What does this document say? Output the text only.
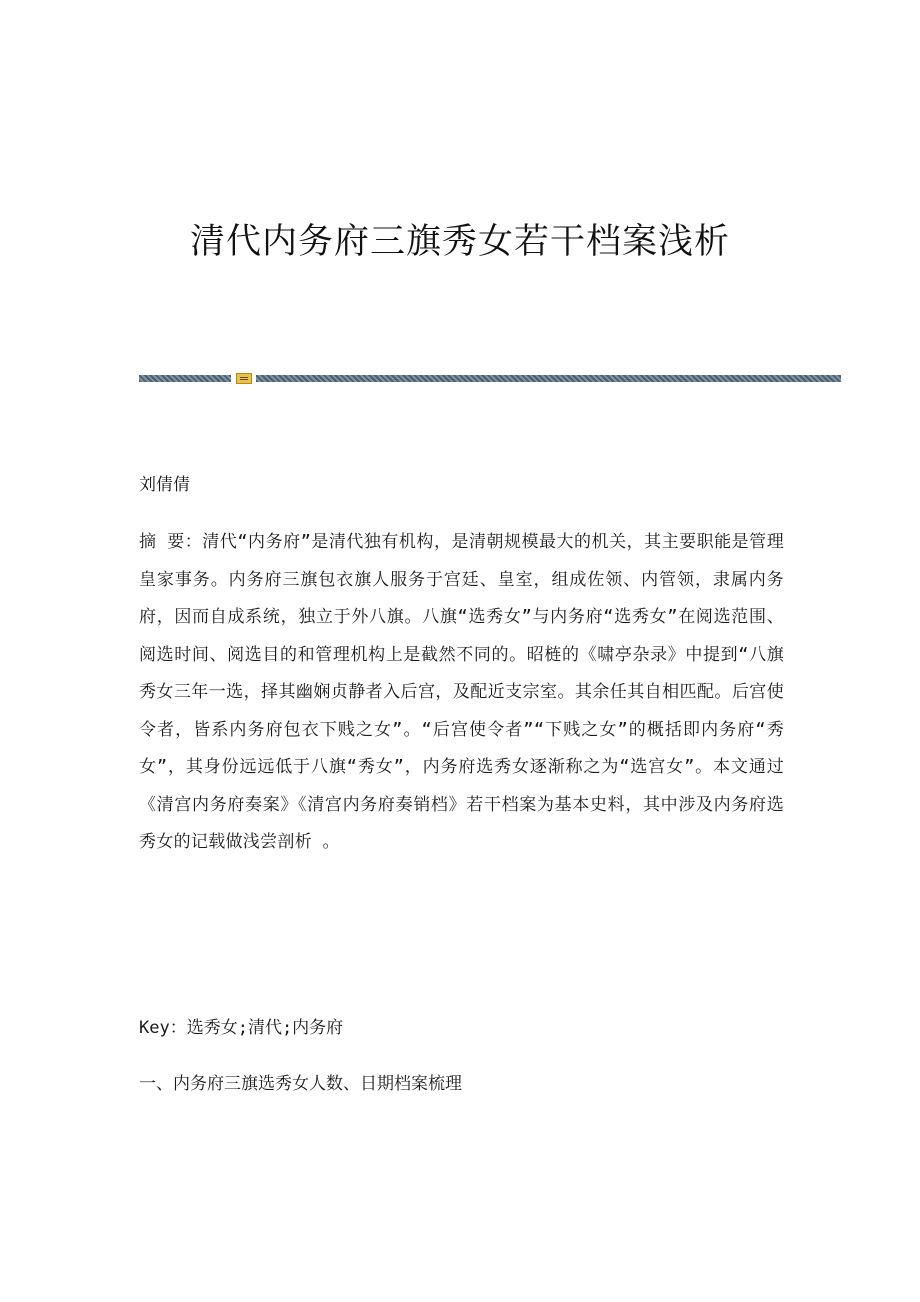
清代内务府三旗秀女若干档案浅析

刘倩倩

摘 要：清代“内务府”是清代独有机构，是清朝规模最大的机关，其主要职能是管理皇家事务。内务府三旗包衣旗人服务于宫廷、皇室，组成佐领、内管领，隶属内务府，因而自成系统，独立于外八旗。八旗“选秀女”与内务府“选秀女”在阅选范围、阅选时间、阅选目的和管理机构上是截然不同的。昭梿的《啸亭杂录》中提到“八旗秀女三年一选，择其幽娴贞静者入后宫，及配近支宗室。其余任其自相匹配。后宫使令者，皆系内务府包衣下贱之女”。“后宫使令者”“下贱之女”的概括即内务府“秀女”，其身份远远低于八旗“秀女”，内务府选秀女逐渐称之为“选宫女”。本文通过《清宫内务府奏案》《清宫内务府奏销档》若干档案为基本史料，其中涉及内务府选秀女的记载做浅尝剖析 。

Key：选秀女;清代;内务府

一、内务府三旗选秀女人数、日期档案梳理
